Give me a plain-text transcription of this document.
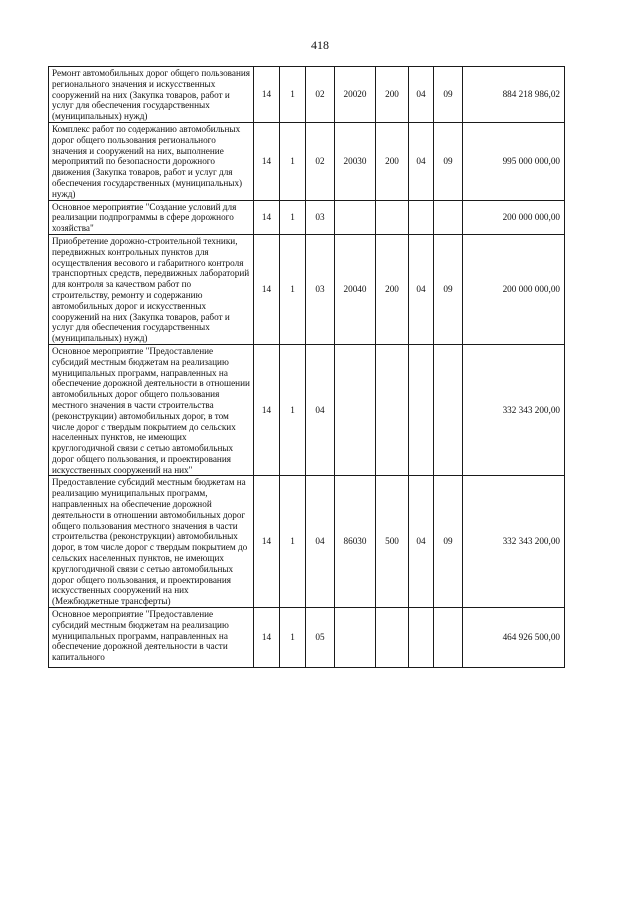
418
Ремонт автомобильных дорог общего пользования регионального значения и искусственных сооружений на них (Закупка товаров, работ и услуг для обеспечения государственных (муниципальных) нужд)	14	1	02	20020	200	04	09	884 218 986,02
Комплекс работ по содержанию автомобильных дорог общего пользования регионального значения и сооружений на них, выполнение мероприятий по безопасности дорожного движения (Закупка товаров, работ и услуг для обеспечения государственных (муниципальных) нужд)	14	1	02	20030	200	04	09	995 000 000,00
Основное мероприятие "Создание условий для реализации подпрограммы в сфере дорожного хозяйства"	14	1	03					200 000 000,00
Приобретение дорожно-строительной техники, передвижных контрольных пунктов для осуществления весового и габаритного контроля транспортных средств, передвижных лабораторий для контроля за качеством работ по строительству, ремонту и содержанию автомобильных дорог и искусственных сооружений на них (Закупка товаров, работ и услуг для обеспечения государственных (муниципальных) нужд)	14	1	03	20040	200	04	09	200 000 000,00
Основное мероприятие "Предоставление субсидий местным бюджетам на реализацию муниципальных программ, направленных на обеспечение дорожной деятельности в отношении автомобильных дорог общего пользования местного значения в части строительства (реконструкции) автомобильных дорог, в том числе дорог с твердым покрытием до сельских населенных пунктов, не имеющих круглогодичной связи с сетью автомобильных дорог общего пользования, и проектирования искусственных сооружений на них"	14	1	04					332 343 200,00
Предоставление субсидий местным бюджетам на реализацию муниципальных программ, направленных на обеспечение дорожной деятельности в отношении автомобильных дорог общего пользования местного значения в части строительства (реконструкции) автомобильных дорог, в том числе дорог с твердым покрытием до сельских населенных пунктов, не имеющих круглогодичной связи с сетью автомобильных дорог общего пользования, и проектирования искусственных сооружений на них (Межбюджетные трансферты)	14	1	04	86030	500	04	09	332 343 200,00
Основное мероприятие "Предоставление субсидий местным бюджетам на реализацию муниципальных программ, направленных на обеспечение дорожной деятельности в части капитального	14	1	05					464 926 500,00
